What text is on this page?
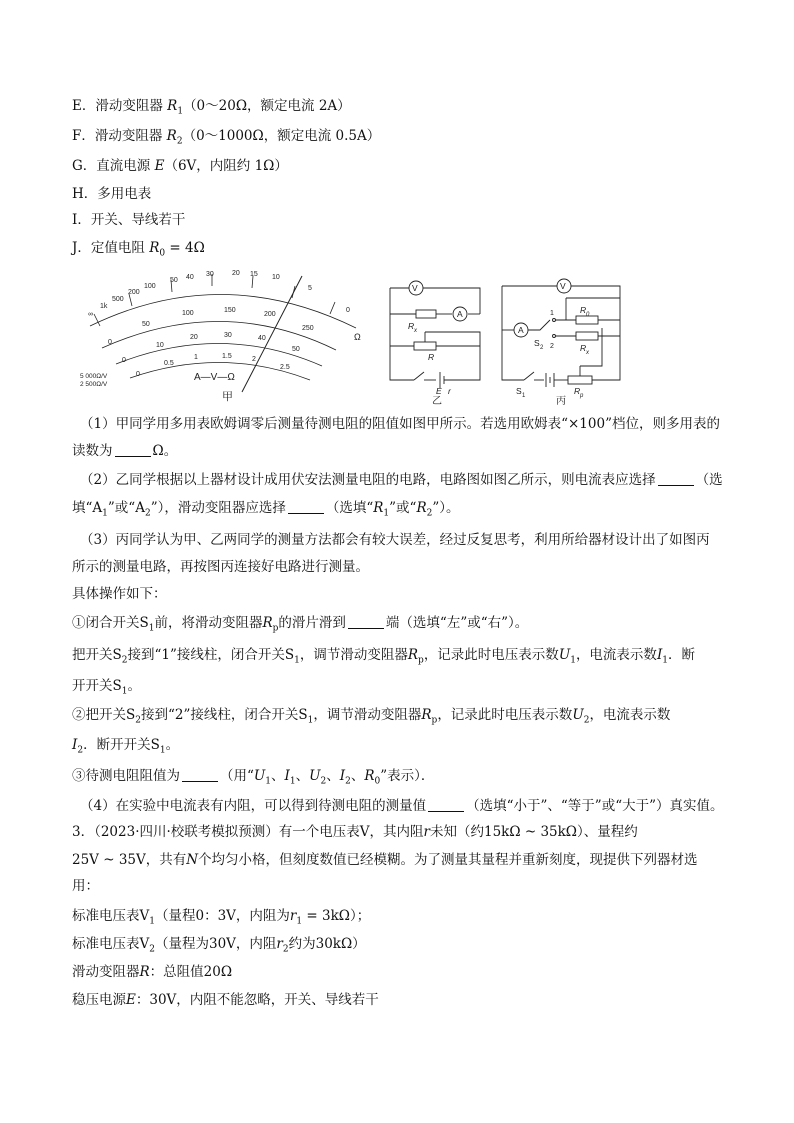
E．滑动变阻器 $R_1(0\sim 20\Omega$，额定电流 2A）
F．滑动变阻器 $R_2(0\sim 1000\Omega$，额定电流 0.5A）
G．直流电源 E（6V，内阻约 1Ω）
H．多用电表
I．开关、导线若干
J．定值电阻 $R_0 = 4\Omega$
∞
1k
500
200
100
50 40 30	20 15 10
5
0
Ω
0
50
100	150
200
250
0
10
20	30	40
50
0
0.5
1	1.5	2
2.5
5 000Ω/V
2 500Ω/V
A—V—Ω
甲
V
A
R x
R
E r
乙
V
A
S 2
1
2
R 0
R x
S 1	R p
丙
（1）甲同学用多用表欧姆调零后测量待测电阻的阻值如图甲所示。若选用欧姆表“×100”档位，则多用表的
读数为	Ω。
（2）乙同学根据以上器材设计成用伏安法测量电阻的电路，电路图如图乙所示，则电流表应选择	（选
填“$A_1$”或“$A_2$”），滑动变阻器应选择	（选填“$R_1$”或“$R_2$”）。
（3）丙同学认为甲、乙两同学的测量方法都会有较大误差，经过反复思考，利用所给器材设计出了如图丙
所示的测量电路，再按图丙连接好电路进行测量。
具体操作如下：
①闭合开关$S_1$前，将滑动变阻器$R_p$的滑片滑到	端（选填“左”或“右”）。
把开关$S_2$接到“1”接线柱，闭合开关$S_1$，调节滑动变阻器$R_p$，记录此时电压表示数$U_1$，电流表示数$I_1$．断
开开关$S_1$。
②把开关$S_2$接到“2”接线柱，闭合开关$S_1$，调节滑动变阻器$R_p$，记录此时电压表示数$U_2$，电流表示数
$I_2$．断开开关$S_1$。
③待测电阻阻值为	（用“$U_1$、$I_1$、$U_2$、$I_2$、$R_0$”表示）．
（4）在实验中电流表有内阻，可以得到待测电阻的测量值	（选填“小于”、“等于”或“大于”）真实值。
3．（2023·四川·校联考模拟预测）有一个电压表V，其内阻r未知（约15kΩ ~ 35kΩ）、量程约
25V ~ 35V，共有N个均匀小格，但刻度数值已经模糊。为了测量其量程并重新刻度，现提供下列器材选
用：
标准电压表$V_1$（量程0：3V，内阻为$r_1 = 3k\Omega$）；
标准电压表$V_2$（量程为30V，内阻$r_2$约为30kΩ）
滑动变阻器R：总阻值20Ω
稳压电源E：30V，内阻不能忽略，开关、导线若干
